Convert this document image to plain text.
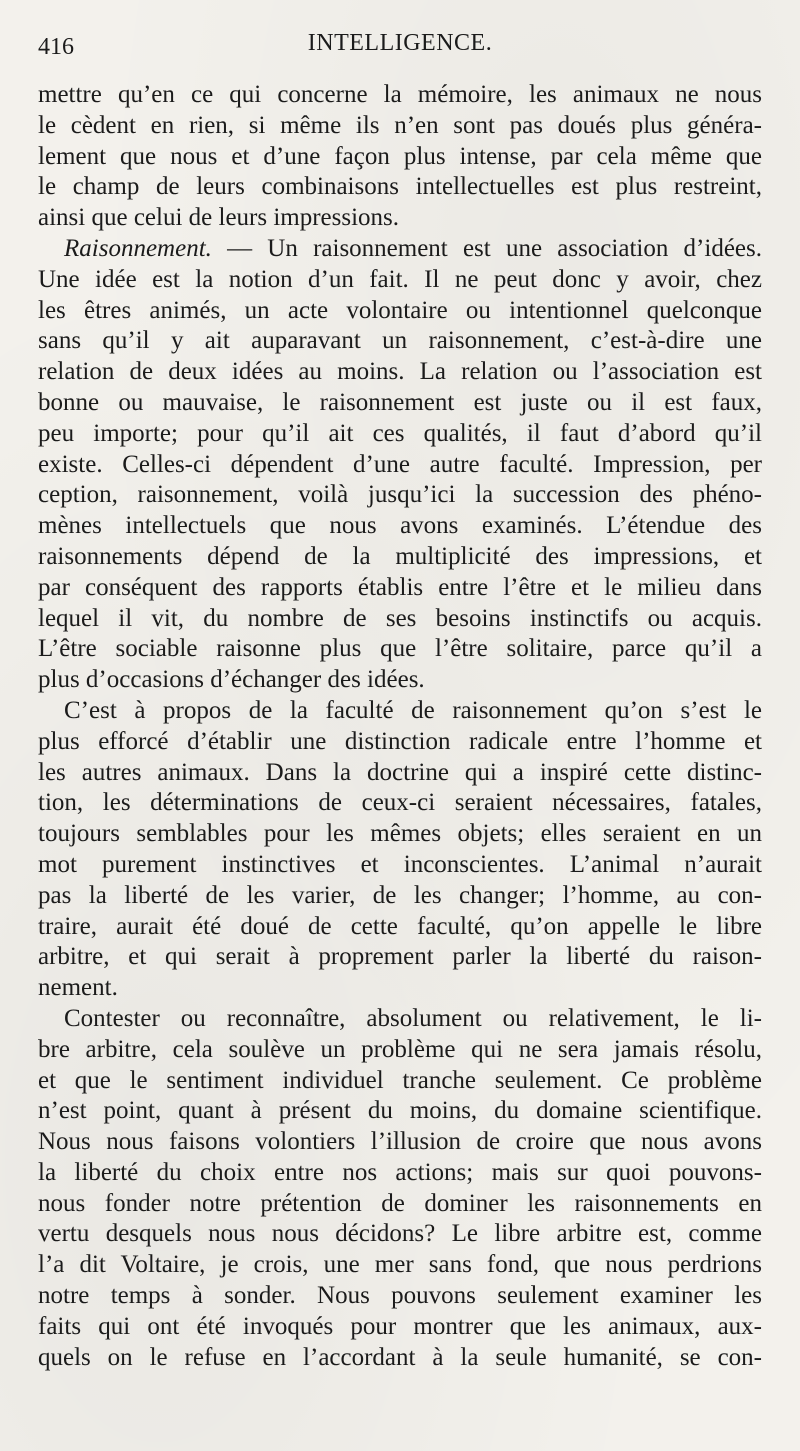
416	INTELLIGENCE.
mettre qu’en ce qui concerne la mémoire, les animaux ne nous
le cèdent en rien, si même ils n’en sont pas doués plus généra-
lement que nous et d’une façon plus intense, par cela même que
le champ de leurs combinaisons intellectuelles est plus restreint,
ainsi que celui de leurs impressions.
Raisonnement. — Un raisonnement est une association d’idées.
Une idée est la notion d’un fait. Il ne peut donc y avoir, chez
les êtres animés, un acte volontaire ou intentionnel quelconque
sans qu’il y ait auparavant un raisonnement, c’est-à-dire une
relation de deux idées au moins. La relation ou l’association est
bonne ou mauvaise, le raisonnement est juste ou il est faux,
peu importe; pour qu’il ait ces qualités, il faut d’abord qu’il
existe. Celles-ci dépendent d’une autre faculté. Impression, per
ception, raisonnement, voilà jusqu’ici la succession des phéno-
mènes intellectuels que nous avons examinés. L’étendue des
raisonnements dépend de la multiplicité des impressions, et
par conséquent des rapports établis entre l’être et le milieu dans
lequel il vit, du nombre de ses besoins instinctifs ou acquis.
L’être sociable raisonne plus que l’être solitaire, parce qu’il a
plus d’occasions d’échanger des idées.
C’est à propos de la faculté de raisonnement qu’on s’est le
plus efforcé d’établir une distinction radicale entre l’homme et
les autres animaux. Dans la doctrine qui a inspiré cette distinc-
tion, les déterminations de ceux-ci seraient nécessaires, fatales,
toujours semblables pour les mêmes objets; elles seraient en un
mot purement instinctives et inconscientes. L’animal n’aurait
pas la liberté de les varier, de les changer; l’homme, au con-
traire, aurait été doué de cette faculté, qu’on appelle le libre
arbitre, et qui serait à proprement parler la liberté du raison-
nement.
Contester ou reconnaître, absolument ou relativement, le li-
bre arbitre, cela soulève un problème qui ne sera jamais résolu,
et que le sentiment individuel tranche seulement. Ce problème
n’est point, quant à présent du moins, du domaine scientifique.
Nous nous faisons volontiers l’illusion de croire que nous avons
la liberté du choix entre nos actions; mais sur quoi pouvons-
nous fonder notre prétention de dominer les raisonnements en
vertu desquels nous nous décidons? Le libre arbitre est, comme
l’a dit Voltaire, je crois, une mer sans fond, que nous perdrions
notre temps à sonder. Nous pouvons seulement examiner les
faits qui ont été invoqués pour montrer que les animaux, aux-
quels on le refuse en l’accordant à la seule humanité, se con-
